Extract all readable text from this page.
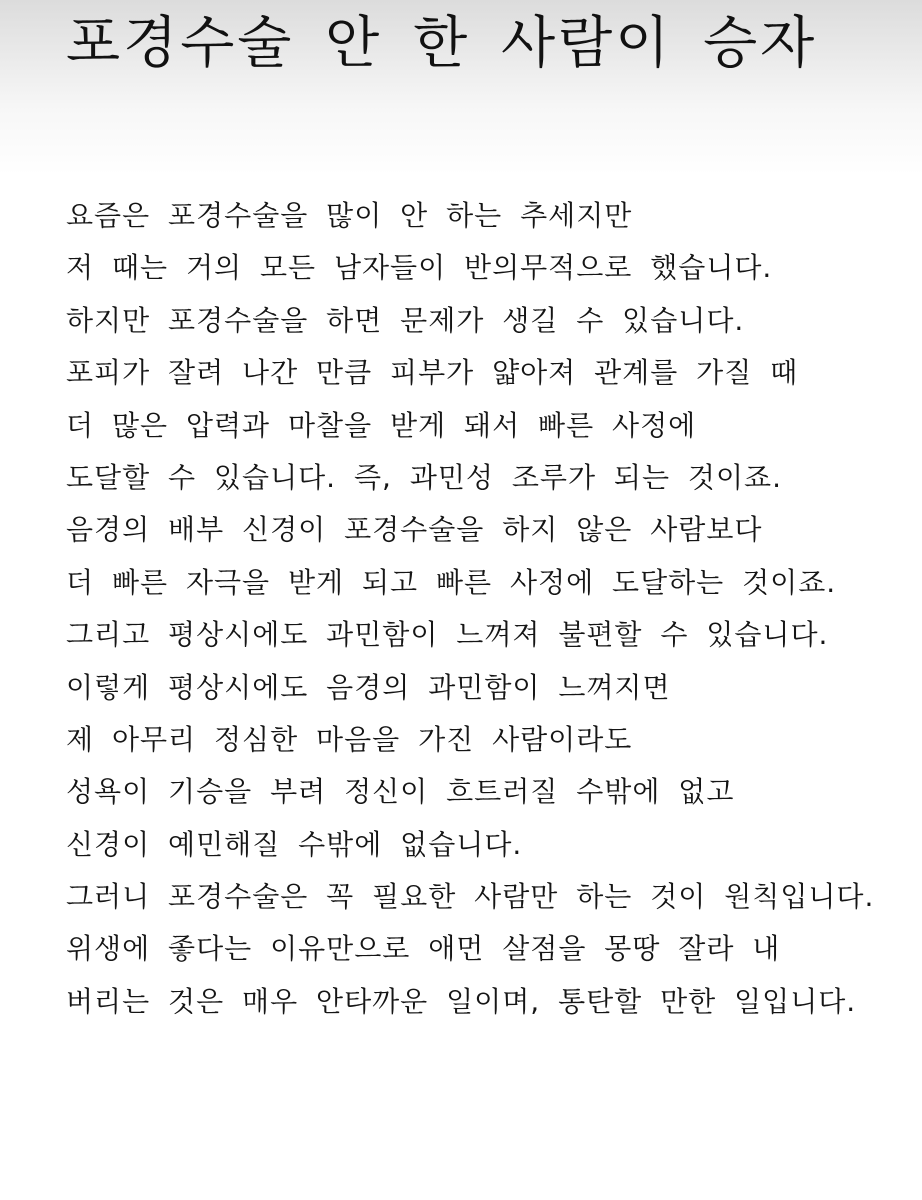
포경수술 안 한 사람이 승자
요즘은 포경수술을 많이 안 하는 추세지만
저 때는 거의 모든 남자들이 반의무적으로 했습니다.
하지만 포경수술을 하면 문제가 생길 수 있습니다.
포피가 잘려 나간 만큼 피부가 얇아져 관계를 가질 때
더 많은 압력과 마찰을 받게 돼서 빠른 사정에
도달할 수 있습니다. 즉, 과민성 조루가 되는 것이죠.
음경의 배부 신경이 포경수술을 하지 않은 사람보다
더 빠른 자극을 받게 되고 빠른 사정에 도달하는 것이죠.
그리고 평상시에도 과민함이 느껴져 불편할 수 있습니다.
이렇게 평상시에도 음경의 과민함이 느껴지면
제 아무리 정심한 마음을 가진 사람이라도
성욕이 기승을 부려 정신이 흐트러질 수밖에 없고
신경이 예민해질 수밖에 없습니다.
그러니 포경수술은 꼭 필요한 사람만 하는 것이 원칙입니다.
위생에 좋다는 이유만으로 애먼 살점을 몽땅 잘라 내
버리는 것은 매우 안타까운 일이며, 통탄할 만한 일입니다.
